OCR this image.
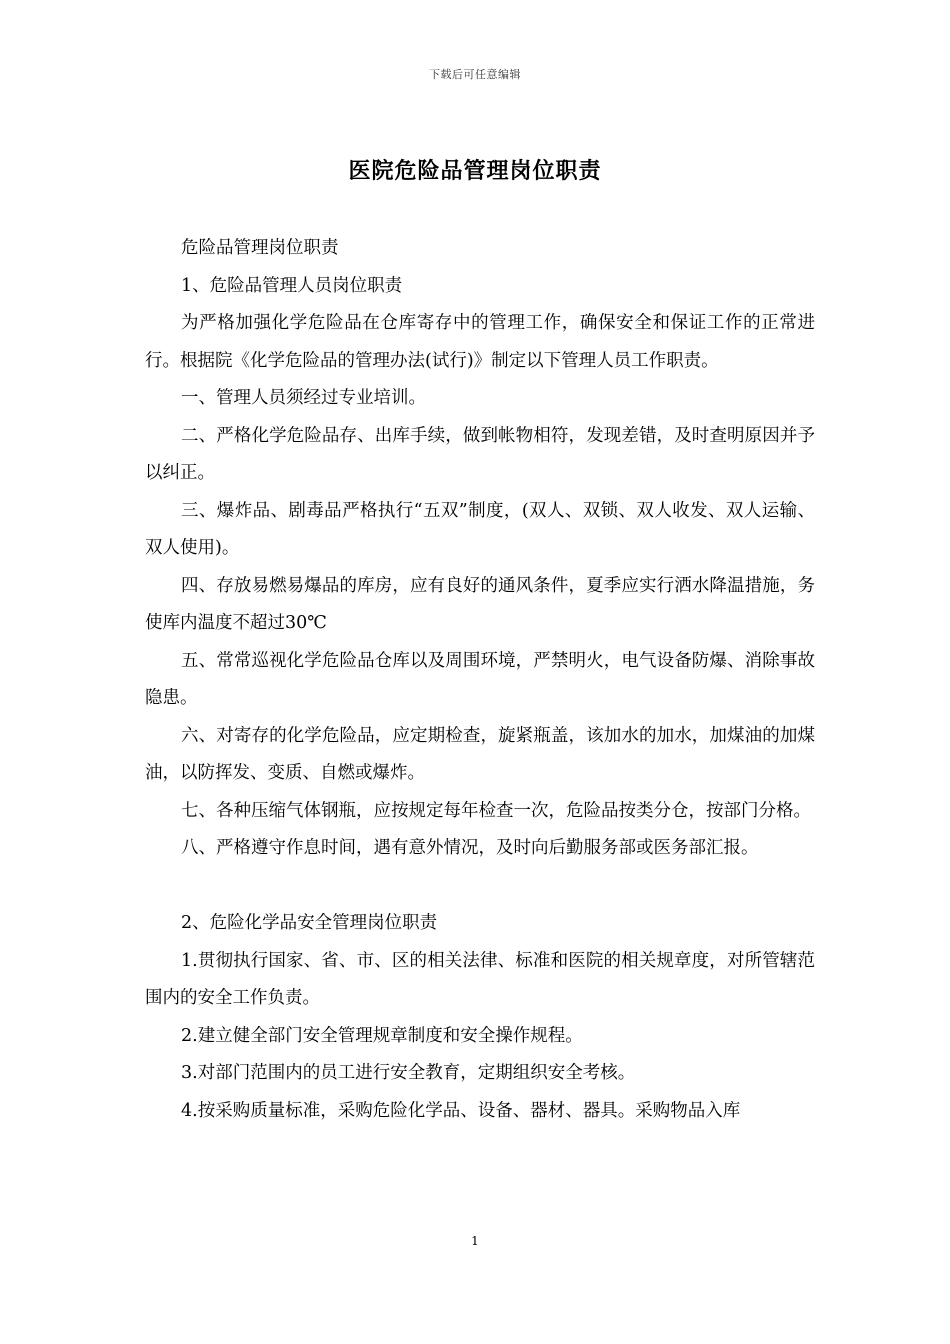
下载后可任意编辑
医院危险品管理岗位职责

危险品管理岗位职责

1、危险品管理人员岗位职责

为严格加强化学危险品在仓库寄存中的管理工作，确保安全和保证工作的正常进行。根据院《化学危险品的管理办法(试行)》制定以下管理人员工作职责。

一、管理人员须经过专业培训。

二、严格化学危险品存、出库手续，做到帐物相符，发现差错，及时查明原因并予以纠正。

三、爆炸品、剧毒品严格执行“五双”制度，(双人、双锁、双人收发、双人运输、双人使用)。

四、存放易燃易爆品的库房，应有良好的通风条件，夏季应实行洒水降温措施，务使库内温度不超过30℃

五、常常巡视化学危险品仓库以及周围环境，严禁明火，电气设备防爆、消除事故隐患。

六、对寄存的化学危险品，应定期检查，旋紧瓶盖，该加水的加水，加煤油的加煤油，以防挥发、变质、自燃或爆炸。

七、各种压缩气体钢瓶，应按规定每年检查一次，危险品按类分仓，按部门分格。

八、严格遵守作息时间，遇有意外情况，及时向后勤服务部或医务部汇报。

2、危险化学品安全管理岗位职责

1.贯彻执行国家、省、市、区的相关法律、标准和医院的相关规章度，对所管辖范围内的安全工作负责。

2.建立健全部门安全管理规章制度和安全操作规程。

3.对部门范围内的员工进行安全教育，定期组织安全考核。

4.按采购质量标准，采购危险化学品、设备、器材、器具。采购物品入库

1
